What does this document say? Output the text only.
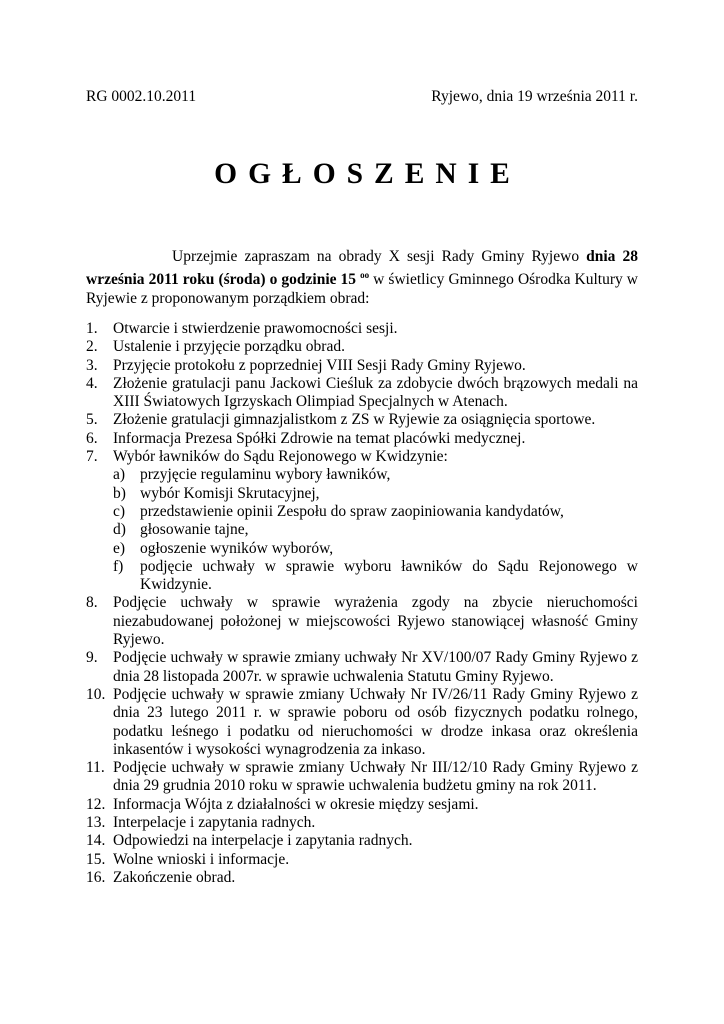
RG 0002.10.2011	Ryjewo, dnia 19 września 2011 r.
OGŁOSZENIE

Uprzejmie zapraszam na obrady X sesji Rady Gminy Ryjewo dnia 28 września 2011 roku (środa) o godzinie 15 $^{oo}$ w świetlicy Gminnego Ośrodka Kultury w Ryjewie z proponowanym porządkiem obrad:

1. Otwarcie i stwierdzenie prawomocności sesji.
2. Ustalenie i przyjęcie porządku obrad.
3. Przyjęcie protokołu z poprzedniej VIII Sesji Rady Gminy Ryjewo.
4. Złożenie gratulacji panu Jackowi Cieśluk za zdobycie dwóch brązowych medali na XIII Światowych Igrzyskach Olimpiad Specjalnych w Atenach.
5. Złożenie gratulacji gimnazjalistkom z ZS w Ryjewie za osiągnięcia sportowe.
6. Informacja Prezesa Spółki Zdrowie na temat placówki medycznej.
7. Wybór ławników do Sądu Rejonowego w Kwidzynie:
a) przyjęcie regulaminu wybory ławników,
b) wybór Komisji Skrutacyjnej,
c) przedstawienie opinii Zespołu do spraw zaopiniowania kandydatów,
d) głosowanie tajne,
e) ogłoszenie wyników wyborów,
f) podjęcie uchwały w sprawie wyboru ławników do Sądu Rejonowego w Kwidzynie.
8. Podjęcie uchwały w sprawie wyrażenia zgody na zbycie nieruchomości niezabudowanej położonej w miejscowości Ryjewo stanowiącej własność Gminy Ryjewo.
9. Podjęcie uchwały w sprawie zmiany uchwały Nr XV/100/07 Rady Gminy Ryjewo z dnia 28 listopada 2007r. w sprawie uchwalenia Statutu Gminy Ryjewo.
10. Podjęcie uchwały w sprawie zmiany Uchwały Nr IV/26/11 Rady Gminy Ryjewo z dnia 23 lutego 2011 r. w sprawie poboru od osób fizycznych podatku rolnego, podatku leśnego i podatku od nieruchomości w drodze inkasa oraz określenia inkasentów i wysokości wynagrodzenia za inkaso.
11. Podjęcie uchwały w sprawie zmiany Uchwały Nr III/12/10 Rady Gminy Ryjewo z dnia 29 grudnia 2010 roku w sprawie uchwalenia budżetu gminy na rok 2011.
12. Informacja Wójta z działalności w okresie między sesjami.
13. Interpelacje i zapytania radnych.
14. Odpowiedzi na interpelacje i zapytania radnych.
15. Wolne wnioski i informacje.
16. Zakończenie obrad.
